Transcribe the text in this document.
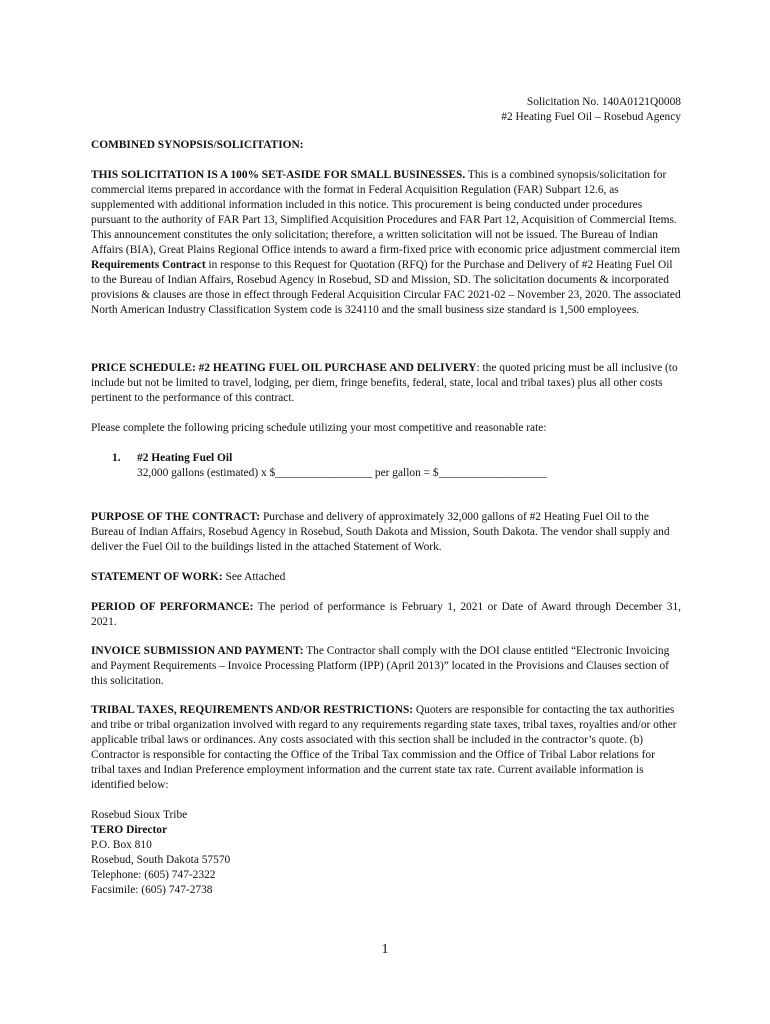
Solicitation No. 140A0121Q0008
#2 Heating Fuel Oil – Rosebud Agency
COMBINED SYNOPSIS/SOLICITATION:
THIS SOLICITATION IS A 100% SET-ASIDE FOR SMALL BUSINESSES. This is a combined synopsis/solicitation for commercial items prepared in accordance with the format in Federal Acquisition Regulation (FAR) Subpart 12.6, as supplemented with additional information included in this notice. This procurement is being conducted under procedures pursuant to the authority of FAR Part 13, Simplified Acquisition Procedures and FAR Part 12, Acquisition of Commercial Items. This announcement constitutes the only solicitation; therefore, a written solicitation will not be issued. The Bureau of Indian Affairs (BIA), Great Plains Regional Office intends to award a firm-fixed price with economic price adjustment commercial item Requirements Contract in response to this Request for Quotation (RFQ) for the Purchase and Delivery of #2 Heating Fuel Oil to the Bureau of Indian Affairs, Rosebud Agency in Rosebud, SD and Mission, SD. The solicitation documents & incorporated provisions & clauses are those in effect through Federal Acquisition Circular FAC 2021-02 – November 23, 2020. The associated North American Industry Classification System code is 324110 and the small business size standard is 1,500 employees.
PRICE SCHEDULE: #2 HEATING FUEL OIL PURCHASE AND DELIVERY: the quoted pricing must be all inclusive (to include but not be limited to travel, lodging, per diem, fringe benefits, federal, state, local and tribal taxes) plus all other costs pertinent to the performance of this contract.
Please complete the following pricing schedule utilizing your most competitive and reasonable rate:
1. #2 Heating Fuel Oil
32,000 gallons (estimated) x $_________________ per gallon = $___________________
PURPOSE OF THE CONTRACT: Purchase and delivery of approximately 32,000 gallons of #2 Heating Fuel Oil to the Bureau of Indian Affairs, Rosebud Agency in Rosebud, South Dakota and Mission, South Dakota. The vendor shall supply and deliver the Fuel Oil to the buildings listed in the attached Statement of Work.
STATEMENT OF WORK: See Attached
PERIOD OF PERFORMANCE: The period of performance is February 1, 2021 or Date of Award through December 31, 2021.
INVOICE SUBMISSION AND PAYMENT: The Contractor shall comply with the DOI clause entitled “Electronic Invoicing and Payment Requirements – Invoice Processing Platform (IPP) (April 2013)” located in the Provisions and Clauses section of this solicitation.
TRIBAL TAXES, REQUIREMENTS AND/OR RESTRICTIONS: Quoters are responsible for contacting the tax authorities and tribe or tribal organization involved with regard to any requirements regarding state taxes, tribal taxes, royalties and/or other applicable tribal laws or ordinances. Any costs associated with this section shall be included in the contractor’s quote. (b) Contractor is responsible for contacting the Office of the Tribal Tax commission and the Office of Tribal Labor relations for tribal taxes and Indian Preference employment information and the current state tax rate. Current available information is identified below:
Rosebud Sioux Tribe
TERO Director
P.O. Box 810
Rosebud, South Dakota 57570
Telephone: (605) 747-2322
Facsimile: (605) 747-2738
1
